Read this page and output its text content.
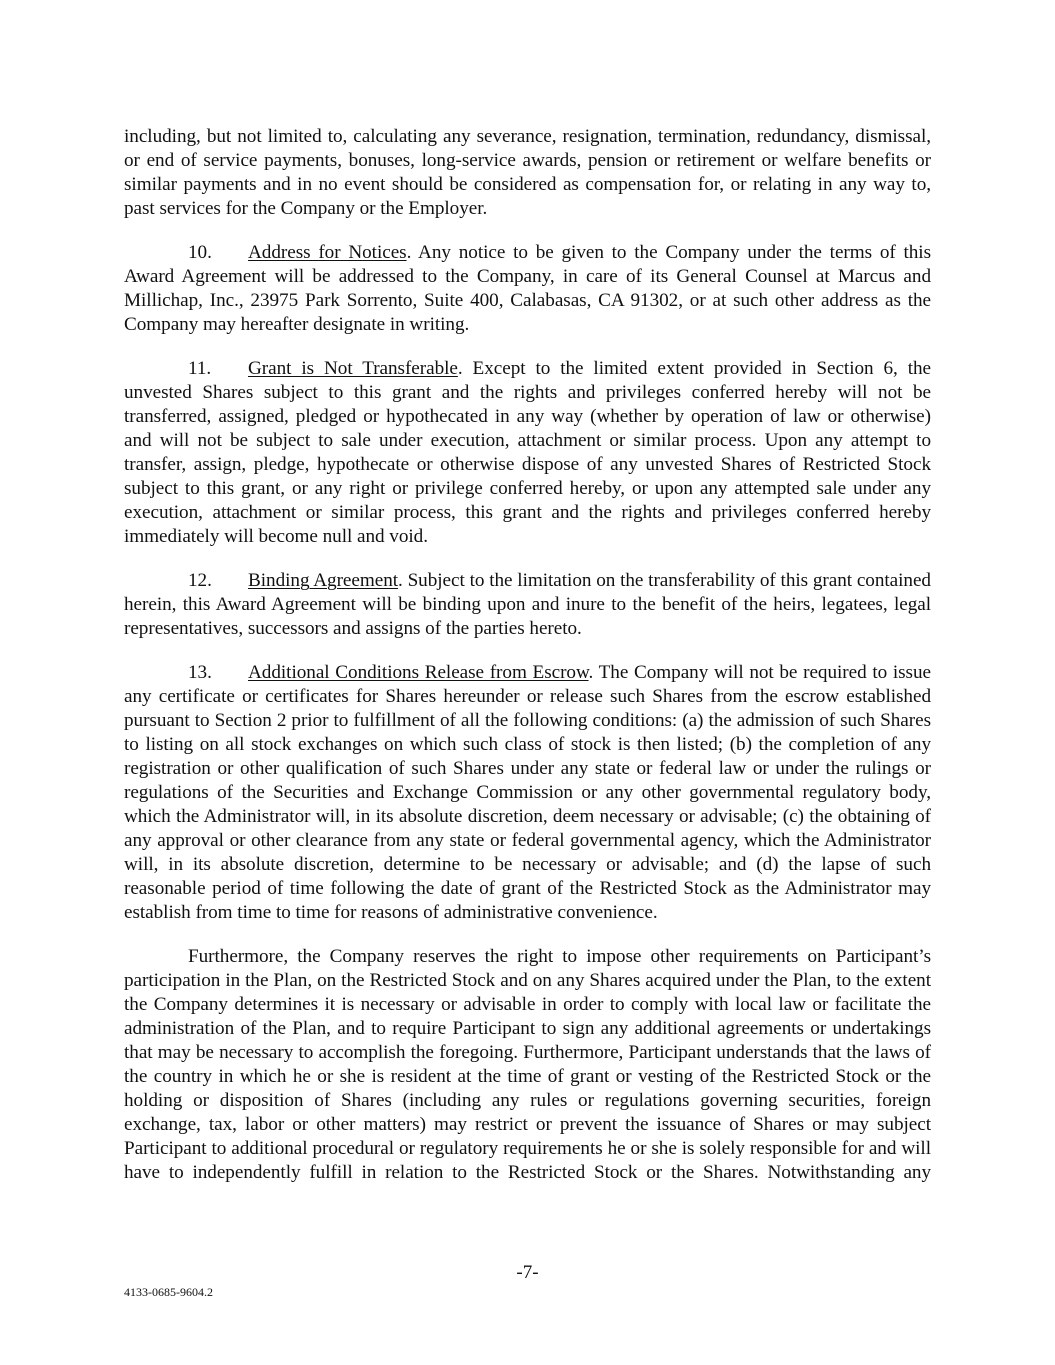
including, but not limited to, calculating any severance, resignation, termination, redundancy, dismissal, or end of service payments, bonuses, long-service awards, pension or retirement or welfare benefits or similar payments and in no event should be considered as compensation for, or relating in any way to, past services for the Company or the Employer.

10. Address for Notices. Any notice to be given to the Company under the terms of this Award Agreement will be addressed to the Company, in care of its General Counsel at Marcus and Millichap, Inc., 23975 Park Sorrento, Suite 400, Calabasas, CA 91302, or at such other address as the Company may hereafter designate in writing.

11. Grant is Not Transferable. Except to the limited extent provided in Section 6, the unvested Shares subject to this grant and the rights and privileges conferred hereby will not be transferred, assigned, pledged or hypothecated in any way (whether by operation of law or otherwise) and will not be subject to sale under execution, attachment or similar process. Upon any attempt to transfer, assign, pledge, hypothecate or otherwise dispose of any unvested Shares of Restricted Stock subject to this grant, or any right or privilege conferred hereby, or upon any attempted sale under any execution, attachment or similar process, this grant and the rights and privileges conferred hereby immediately will become null and void.

12. Binding Agreement. Subject to the limitation on the transferability of this grant contained herein, this Award Agreement will be binding upon and inure to the benefit of the heirs, legatees, legal representatives, successors and assigns of the parties hereto.

13. Additional Conditions Release from Escrow. The Company will not be required to issue any certificate or certificates for Shares hereunder or release such Shares from the escrow established pursuant to Section 2 prior to fulfillment of all the following conditions: (a) the admission of such Shares to listing on all stock exchanges on which such class of stock is then listed; (b) the completion of any registration or other qualification of such Shares under any state or federal law or under the rulings or regulations of the Securities and Exchange Commission or any other governmental regulatory body, which the Administrator will, in its absolute discretion, deem necessary or advisable; (c) the obtaining of any approval or other clearance from any state or federal governmental agency, which the Administrator will, in its absolute discretion, determine to be necessary or advisable; and (d) the lapse of such reasonable period of time following the date of grant of the Restricted Stock as the Administrator may establish from time to time for reasons of administrative convenience.

Furthermore, the Company reserves the right to impose other requirements on Participant’s participation in the Plan, on the Restricted Stock and on any Shares acquired under the Plan, to the extent the Company determines it is necessary or advisable in order to comply with local law or facilitate the administration of the Plan, and to require Participant to sign any additional agreements or undertakings that may be necessary to accomplish the foregoing. Furthermore, Participant understands that the laws of the country in which he or she is resident at the time of grant or vesting of the Restricted Stock or the holding or disposition of Shares (including any rules or regulations governing securities, foreign exchange, tax, labor or other matters) may restrict or prevent the issuance of Shares or may subject Participant to additional procedural or regulatory requirements he or she is solely responsible for and will have to independently fulfill in relation to the Restricted Stock or the Shares. Notwithstanding any

-7-
4133-0685-9604.2
